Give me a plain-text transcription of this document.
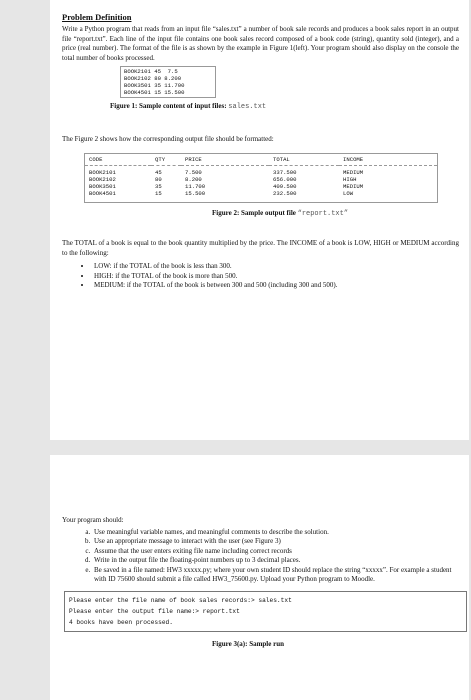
Problem Definition

Write a Python program that reads from an input file “sales.txt” a number of book sale records and produces a book sales report in an output file “report.txt”. Each line of the input file contains one book sales record composed of a book code (string), quantity sold (integer), and a price (real number). The format of the file is as shown by the example in Figure 1(left). Your program should also display on the console the total number of books processed.

BOOK2101 45  7.5
BOOK2102 80 8.200
BOOK3501 35 11.700
BOOK4501 15 15.500
Figure 1: Sample content of input files: sales.txt

The Figure 2 shows how the corresponding output file should be formatted:

CODE	QTY	PRICE	TOTAL	INCOME
BOOK2101	45	7.500	337.500	MEDIUM
BOOK2102	80	8.200	656.000	HIGH
BOOK3501	35	11.700	409.500	MEDIUM
BOOK4501	15	15.500	232.500	LOW
Figure 2: Sample output file “report.txt”

The TOTAL of a book is equal to the book quantity multiplied by the price. The INCOME of a book is LOW, HIGH or MEDIUM according to the following:

• LOW: if the TOTAL of the book is less than 300.
• HIGH: if the TOTAL of the book is more than 500.
• MEDIUM: if the TOTAL of the book is between 300 and 500 (including 300 and 500).

Your program should:

a. Use meaningful variable names, and meaningful comments to describe the solution.
b. Use an appropriate message to interact with the user (see Figure 3)
c. Assume that the user enters exiting file name including correct records
d. Write in the output file the floating-point numbers up to 3 decimal places.
e. Be saved in a file named: HW3 xxxxx.py; where your own student ID should replace the string “xxxxx”. For example a student with ID 75600 should submit a file called HW3_75600.py. Upload your Python program to Moodle.
Please enter the file name of book sales records:> sales.txt
Please enter the output file name:> report.txt
4 books have been processed.
Figure 3(a): Sample run
